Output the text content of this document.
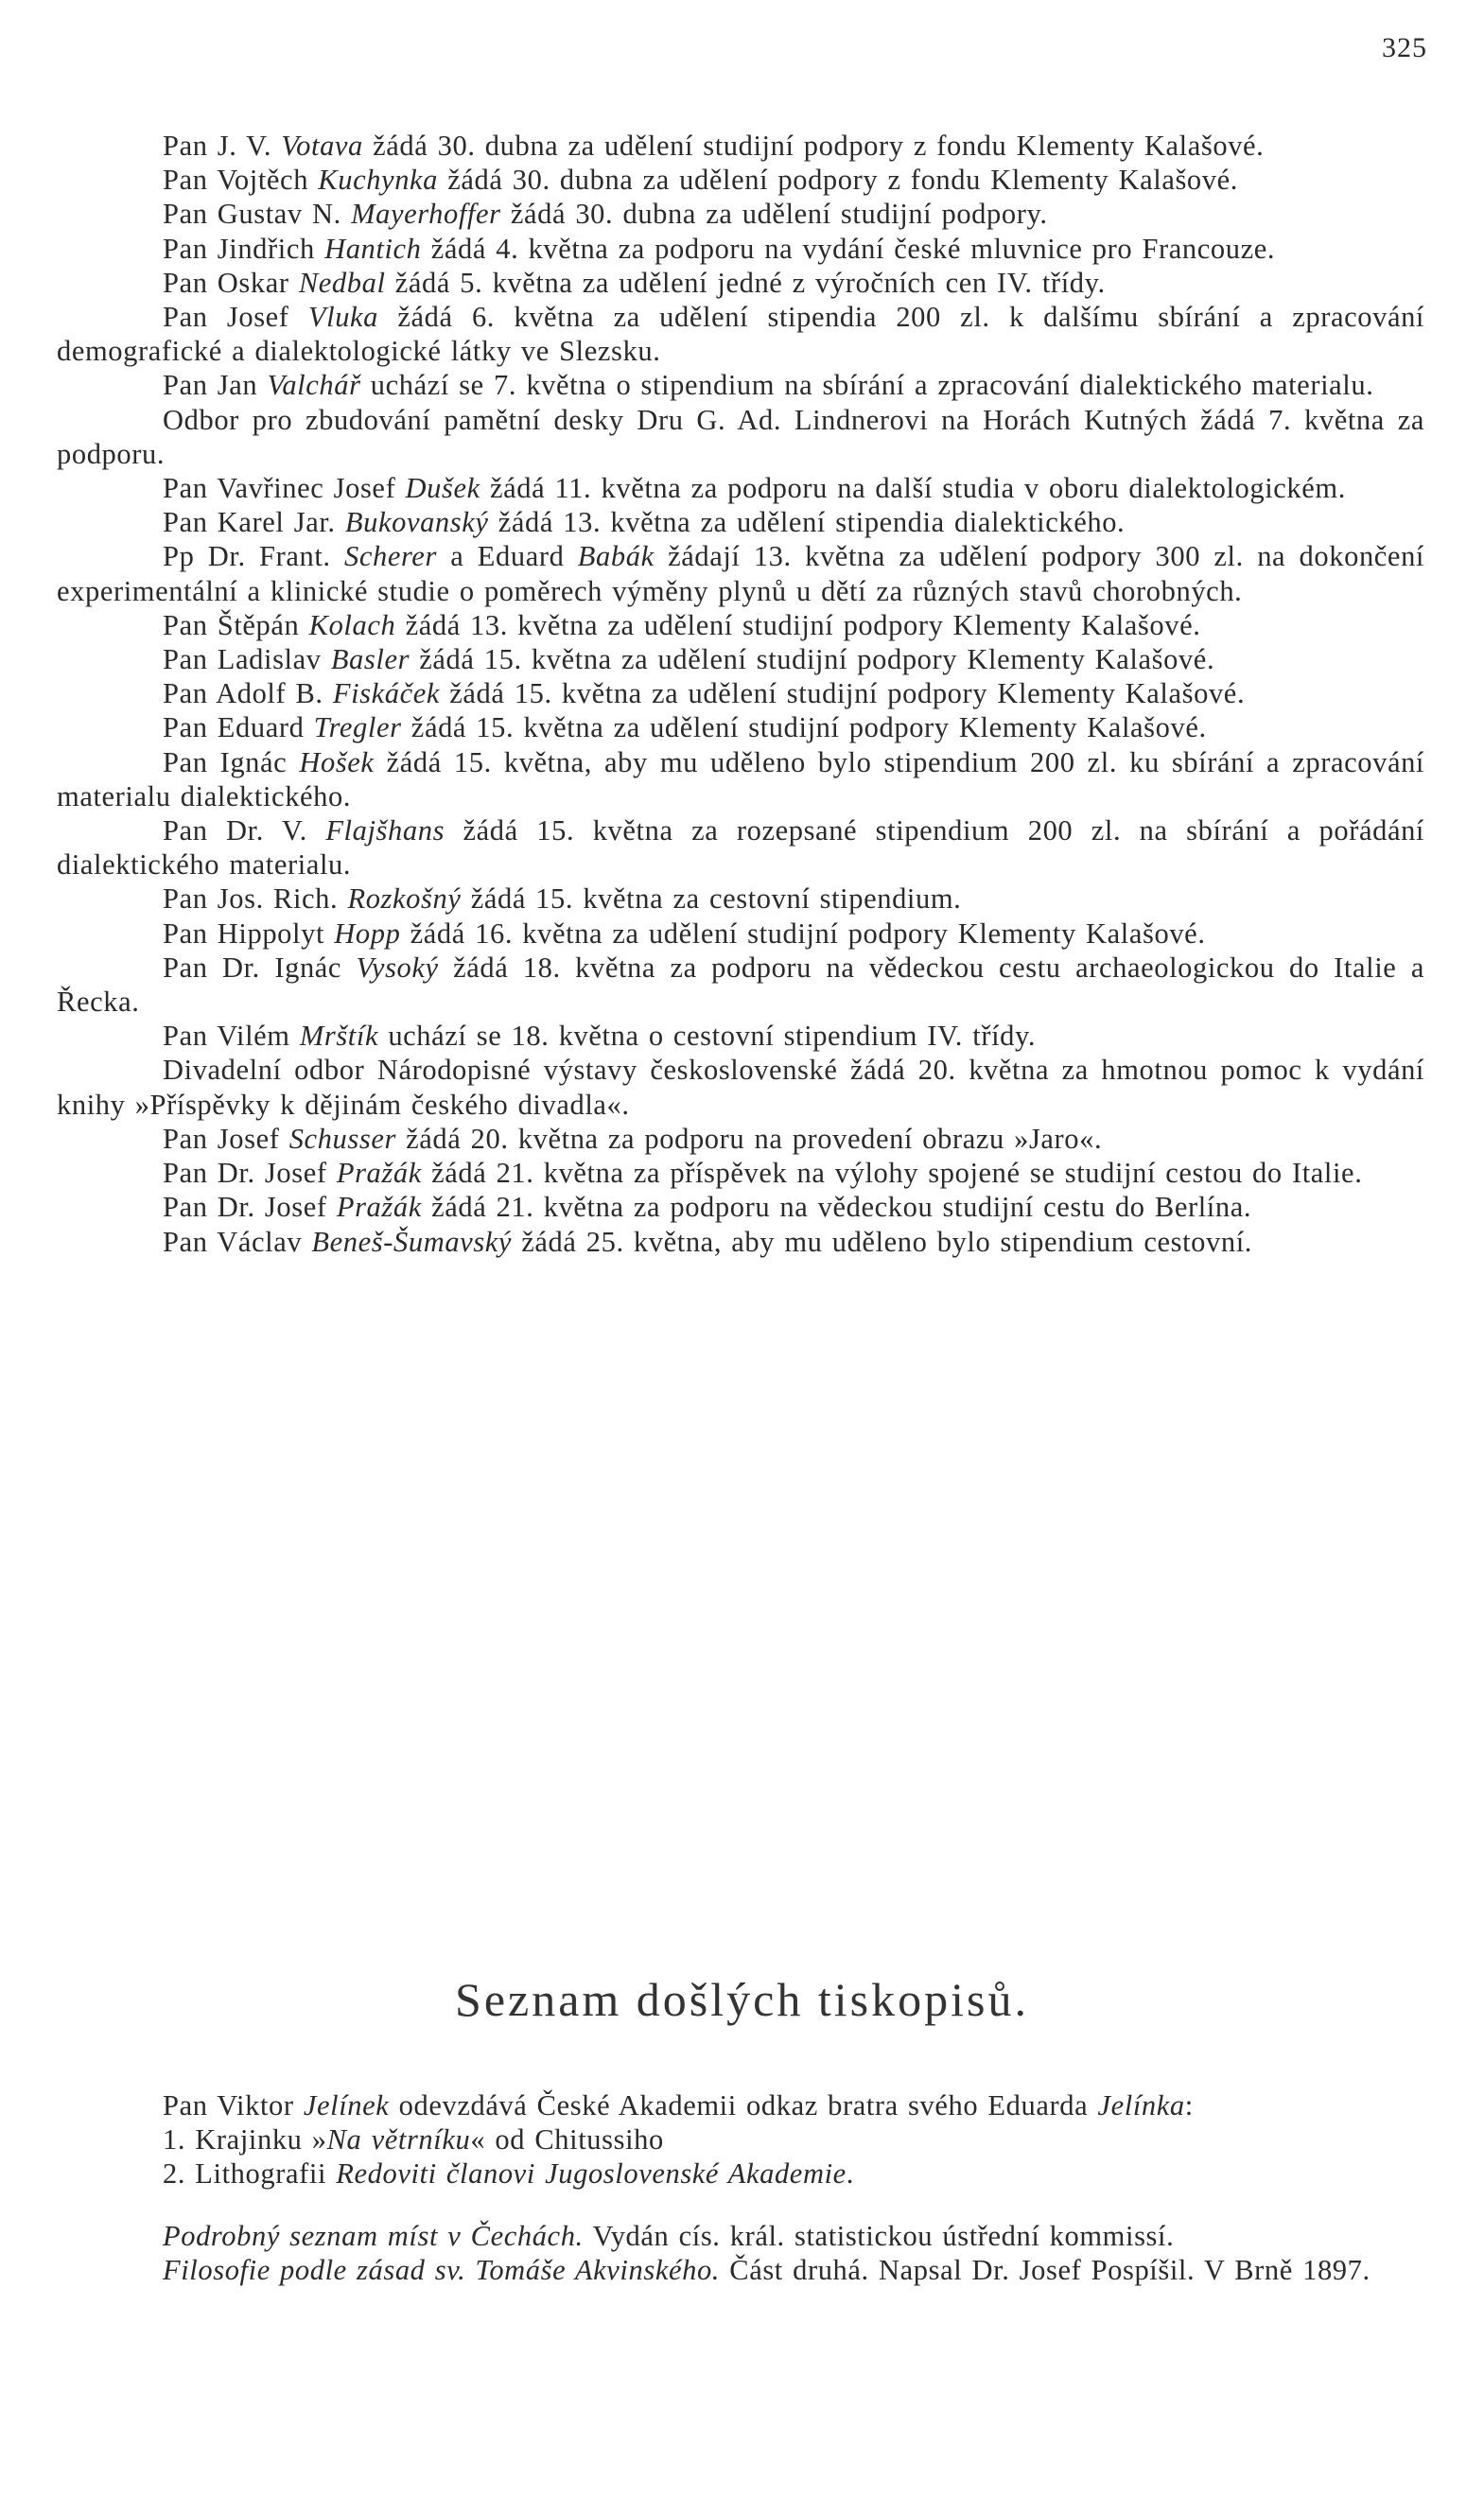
325

Pan J. V. Votava žádá 30. dubna za udělení studijní podpory z fondu Klementy Kalašové.

Pan Vojtěch Kuchynka žádá 30. dubna za udělení podpory z fondu Klementy Kalašové.

Pan Gustav N. Mayerhoffer žádá 30. dubna za udělení studijní podpory.

Pan Jindřich Hantich žádá 4. května za podporu na vydání české mluvnice pro Francouze.

Pan Oskar Nedbal žádá 5. května za udělení jedné z výročních cen IV. třídy.

Pan Josef Vluka žádá 6. května za udělení stipendia 200 zl. k dalšímu sbírání a zpracování demografické a dialektologické látky ve Slezsku.

Pan Jan Valchář uchází se 7. května o stipendium na sbírání a zpracování dialektického materialu.

Odbor pro zbudování pamětní desky Dru G. Ad. Lindnerovi na Horách Kutných žádá 7. května za podporu.

Pan Vavřinec Josef Dušek žádá 11. května za podporu na další studia v oboru dialektologickém.

Pan Karel Jar. Bukovanský žádá 13. května za udělení stipendia dialektického.

Pp Dr. Frant. Scherer a Eduard Babák žádají 13. května za udělení podpory 300 zl. na dokončení experimentální a klinické studie o poměrech výměny plynů u dětí za různých stavů chorobných.

Pan Štěpán Kolach žádá 13. května za udělení studijní podpory Klementy Kalašové.

Pan Ladislav Basler žádá 15. května za udělení studijní podpory Klementy Kalašové.

Pan Adolf B. Fiskáček žádá 15. května za udělení studijní podpory Klementy Kalašové.

Pan Eduard Tregler žádá 15. května za udělení studijní podpory Klementy Kalašové.

Pan Ignác Hošek žádá 15. května, aby mu uděleno bylo stipendium 200 zl. ku sbírání a zpracování materialu dialektického.

Pan Dr. V. Flajšhans žádá 15. května za rozepsané stipendium 200 zl. na sbírání a pořádání dialektického materialu.

Pan Jos. Rich. Rozkošný žádá 15. května za cestovní stipendium.

Pan Hippolyt Hopp žádá 16. května za udělení studijní podpory Klementy Kalašové.

Pan Dr. Ignác Vysoký žádá 18. května za podporu na vědeckou cestu archaeologickou do Italie a Řecka.

Pan Vilém Mrštík uchází se 18. května o cestovní stipendium IV. třídy.

Divadelní odbor Národopisné výstavy československé žádá 20. května za hmotnou pomoc k vydání knihy »Příspěvky k dějinám českého divadla«.

Pan Josef Schusser žádá 20. května za podporu na provedení obrazu »Jaro«.

Pan Dr. Josef Pražák žádá 21. května za příspěvek na výlohy spojené se studijní cestou do Italie.

Pan Dr. Josef Pražák žádá 21. května za podporu na vědeckou studijní cestu do Berlína.

Pan Václav Beneš-Šumavský žádá 25. května, aby mu uděleno bylo stipendium cestovní.

Seznam došlých tiskopisů.

Pan Viktor Jelínek odevzdává České Akademii odkaz bratra svého Eduarda Jelínka:

1. Krajinku »Na větrníku« od Chitussiho
2. Lithografii Redoviti članovi Jugoslovenské Akademie.

Podrobný seznam míst v Čechách. Vydán cís. král. statistickou ústřední kommissí.

Filosofie podle zásad sv. Tomáše Akvinského. Část druhá. Napsal Dr. Josef Pospíšil. V Brně 1897.
